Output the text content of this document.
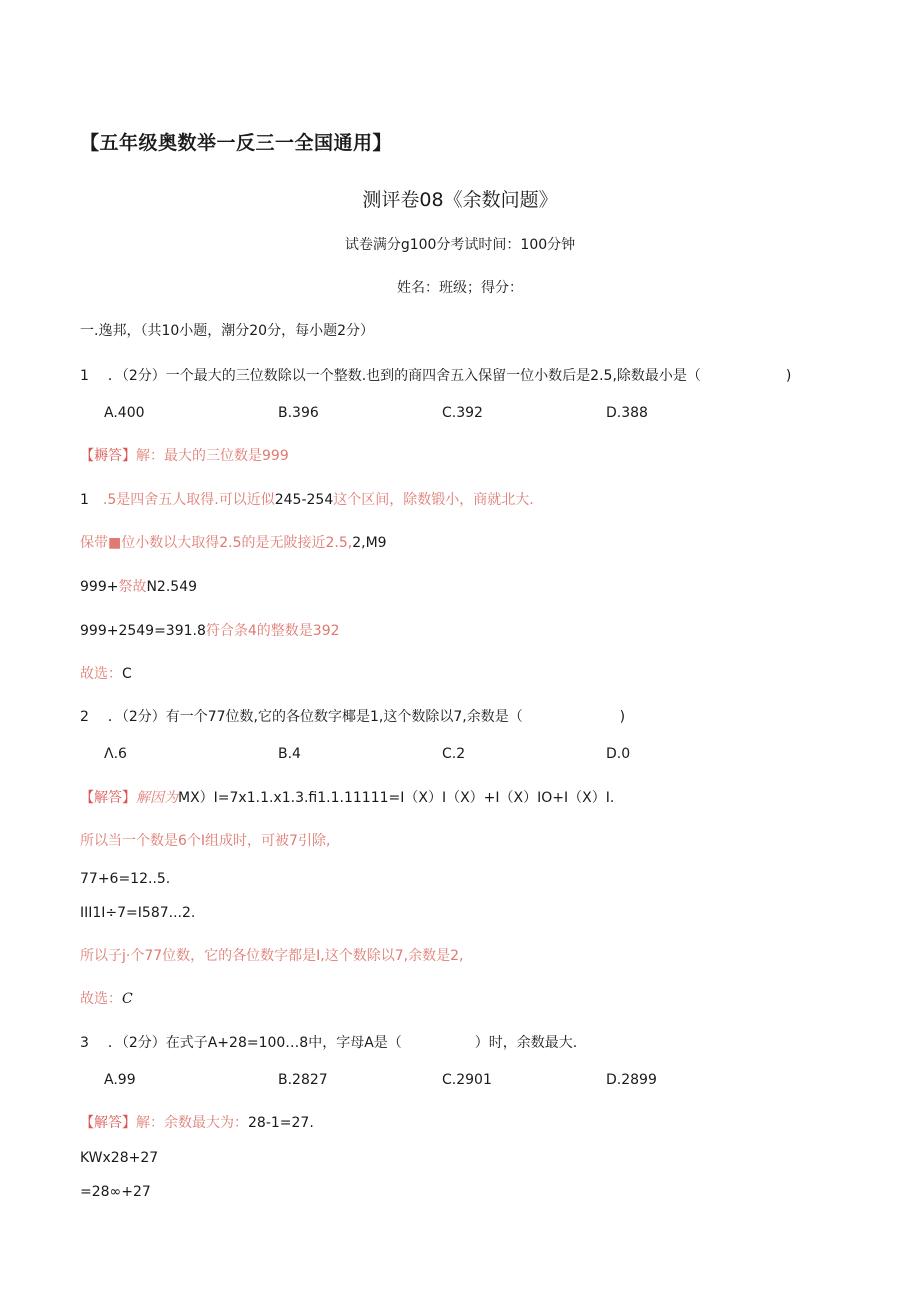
【五年级奥数举一反三一全国通用】
测评卷08《余数问题》
试卷满分g100分考试时间：100分钟
姓名：班级；得分：
一.逸邦，（共10小题，潮分20分，每小题2分）
1 ．（2分）一个最大的三位数除以一个整数.也到的商四舍五入保留一位小数后是2.5,除数最小是（	)
A.400	B.396	C.392	D.388
【耨答】解：最大的三位数是999
1 .5是四舍五人取得.可以近似245-254这个区间，除数锻小，商就北大.
保带■位小数以大取得2.5的是无陂接近2.5,2,M9
999+祭故N2.549
999+2549=391.8符合条4的整数是392
故选：C
2 ．（2分）有一个77位数,它的各位数字椰是1,这个数除以7,余数是（	)
Λ.6	B.4	C.2	D.0
【解答】解因为MX）I=7x1.1.x1.3.fi1.1.11111=I（X）I（X）+I（X）IO+I（X）I.
所以当一个数是6个I组成时，可被7引除,
77+6=12..5.
III1I÷7=I587...2.
所以子j·个77位数，它的各位数字都是I,这个数除以7,余数是2,
故选：C
3 ．（2分）在式子A+28=100…8中，字母A是（	）时，余数最大.
A.99	B.2827	C.2901	D.2899
【解答】解：余数最大为：28-1=27.
KWx28+27
=28∞+27
